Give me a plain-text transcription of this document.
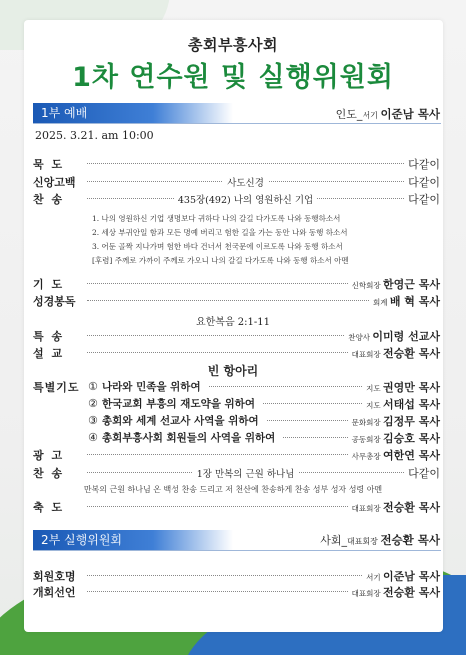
총회부흥사회
1차 연수원 및 실행위원회
1부 예배	인도_서기 이준남 목사
2025. 3.21. am 10:00
묵 도	다같이
신앙고백	사도신경	다같이
찬 송	435장(492) 나의 영원하신 기업	다같이
1. 나의 영원하신 기업 생명보다 귀하다 나의 갈길 다가도록 나와 동행하소서
2. 세상 부귀안일 함과 모든 명예 버리고 험한 길을 가는 동안 나와 동행 하소서
3. 어둔 골짝 지나가며 험한 바다 건너서 천국문에 이르도록 나와 동행 하소서
[후렴] 주께로 가까이 주께로 가오니 나의 갈길 다가도록 나와 동행 하소서 아멘
기 도	신학회장 한영근 목사
성경봉독	회계 배 혁 목사
요한복음 2:1-11
특 송	찬양사 이미령 선교사
설 교	대표회장 전승환 목사
빈 항아리
특별기도 ① 나라와 민족을 위하여	지도 권영만 목사
② 한국교회 부흥의 재도약을 위하여	지도 서태섭 목사
③ 총회와 세계 선교사 사역을 위하여	문화회장 김정무 목사
④ 총회부흥사회 회원들의 사역을 위하여	공동회장 김승호 목사
광 고	사무총장 여한연 목사
찬 송	1장 만복의 근원 하나님	다같이
만복의 근원 하나님 온 백성 찬송 드리고 저 천산에 찬송하게 찬송 성부 성자 성령 아멘
축 도	대표회장 전승환 목사
2부 실행위원회	사회_대표회장 전승환 목사
회원호명	서기 이준남 목사
개회선언	대표회장 전승환 목사
